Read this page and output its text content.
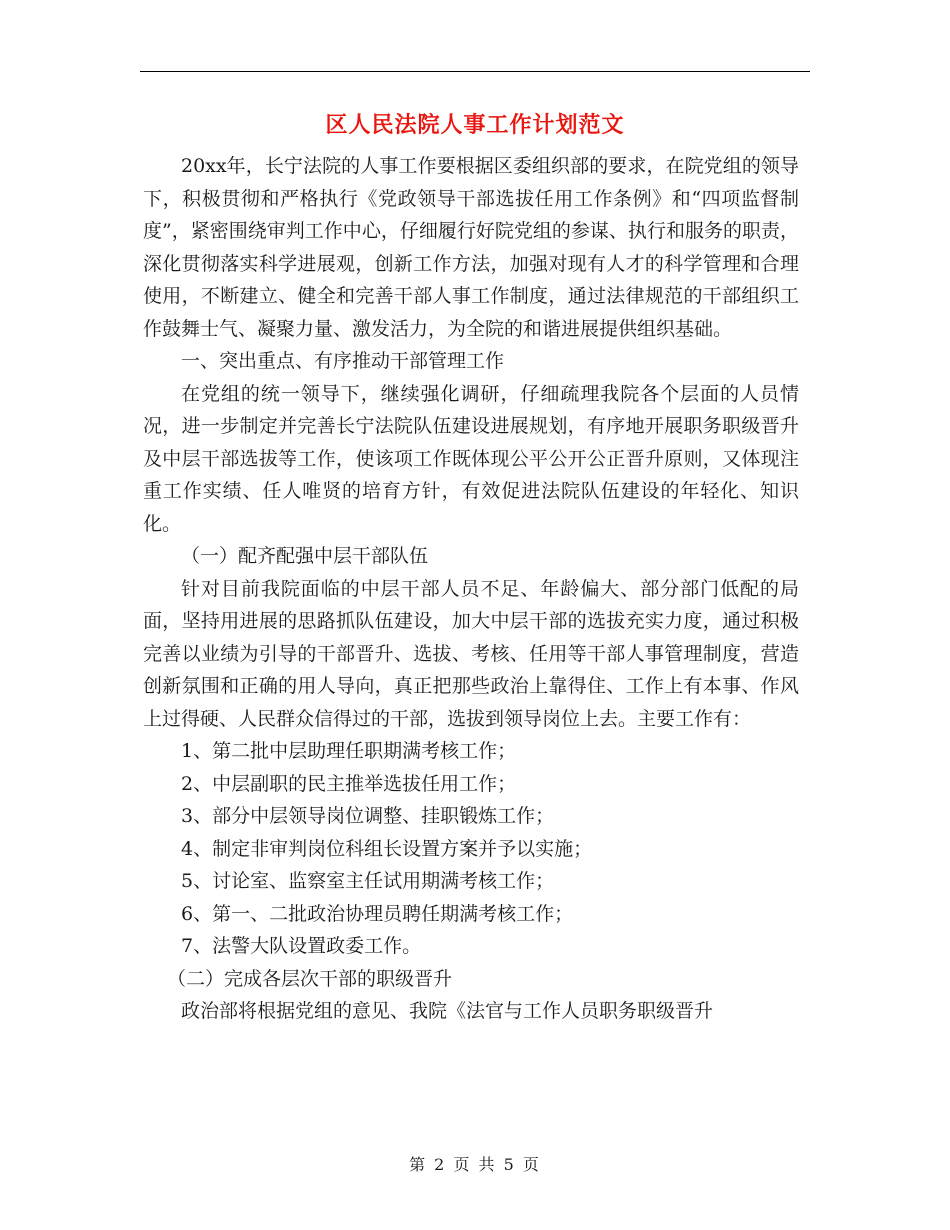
区人民法院人事工作计划范文

20xx年，长宁法院的人事工作要根据区委组织部的要求，在院党组的领导下，积极贯彻和严格执行《党政领导干部选拔任用工作条例》和“四项监督制度”，紧密围绕审判工作中心，仔细履行好院党组的参谋、执行和服务的职责，深化贯彻落实科学进展观，创新工作方法，加强对现有人才的科学管理和合理使用，不断建立、健全和完善干部人事工作制度，通过法律规范的干部组织工作鼓舞士气、凝聚力量、激发活力，为全院的和谐进展提供组织基础。

一、突出重点、有序推动干部管理工作

在党组的统一领导下，继续强化调研，仔细疏理我院各个层面的人员情况，进一步制定并完善长宁法院队伍建设进展规划，有序地开展职务职级晋升及中层干部选拔等工作，使该项工作既体现公平公开公正晋升原则，又体现注重工作实绩、任人唯贤的培育方针，有效促进法院队伍建设的年轻化、知识化。

（一）配齐配强中层干部队伍

针对目前我院面临的中层干部人员不足、年龄偏大、部分部门低配的局面，坚持用进展的思路抓队伍建设，加大中层干部的选拔充实力度，通过积极完善以业绩为引导的干部晋升、选拔、考核、任用等干部人事管理制度，营造创新氛围和正确的用人导向，真正把那些政治上靠得住、工作上有本事、作风上过得硬、人民群众信得过的干部，选拔到领导岗位上去。主要工作有：

1、第二批中层助理任职期满考核工作；

2、中层副职的民主推举选拔任用工作；

3、部分中层领导岗位调整、挂职锻炼工作；

4、制定非审判岗位科组长设置方案并予以实施；

5、讨论室、监察室主任试用期满考核工作；

6、第一、二批政治协理员聘任期满考核工作；

7、法警大队设置政委工作。

（二）完成各层次干部的职级晋升

政治部将根据党组的意见、我院《法官与工作人员职务职级晋升

第 2 页 共 5 页
